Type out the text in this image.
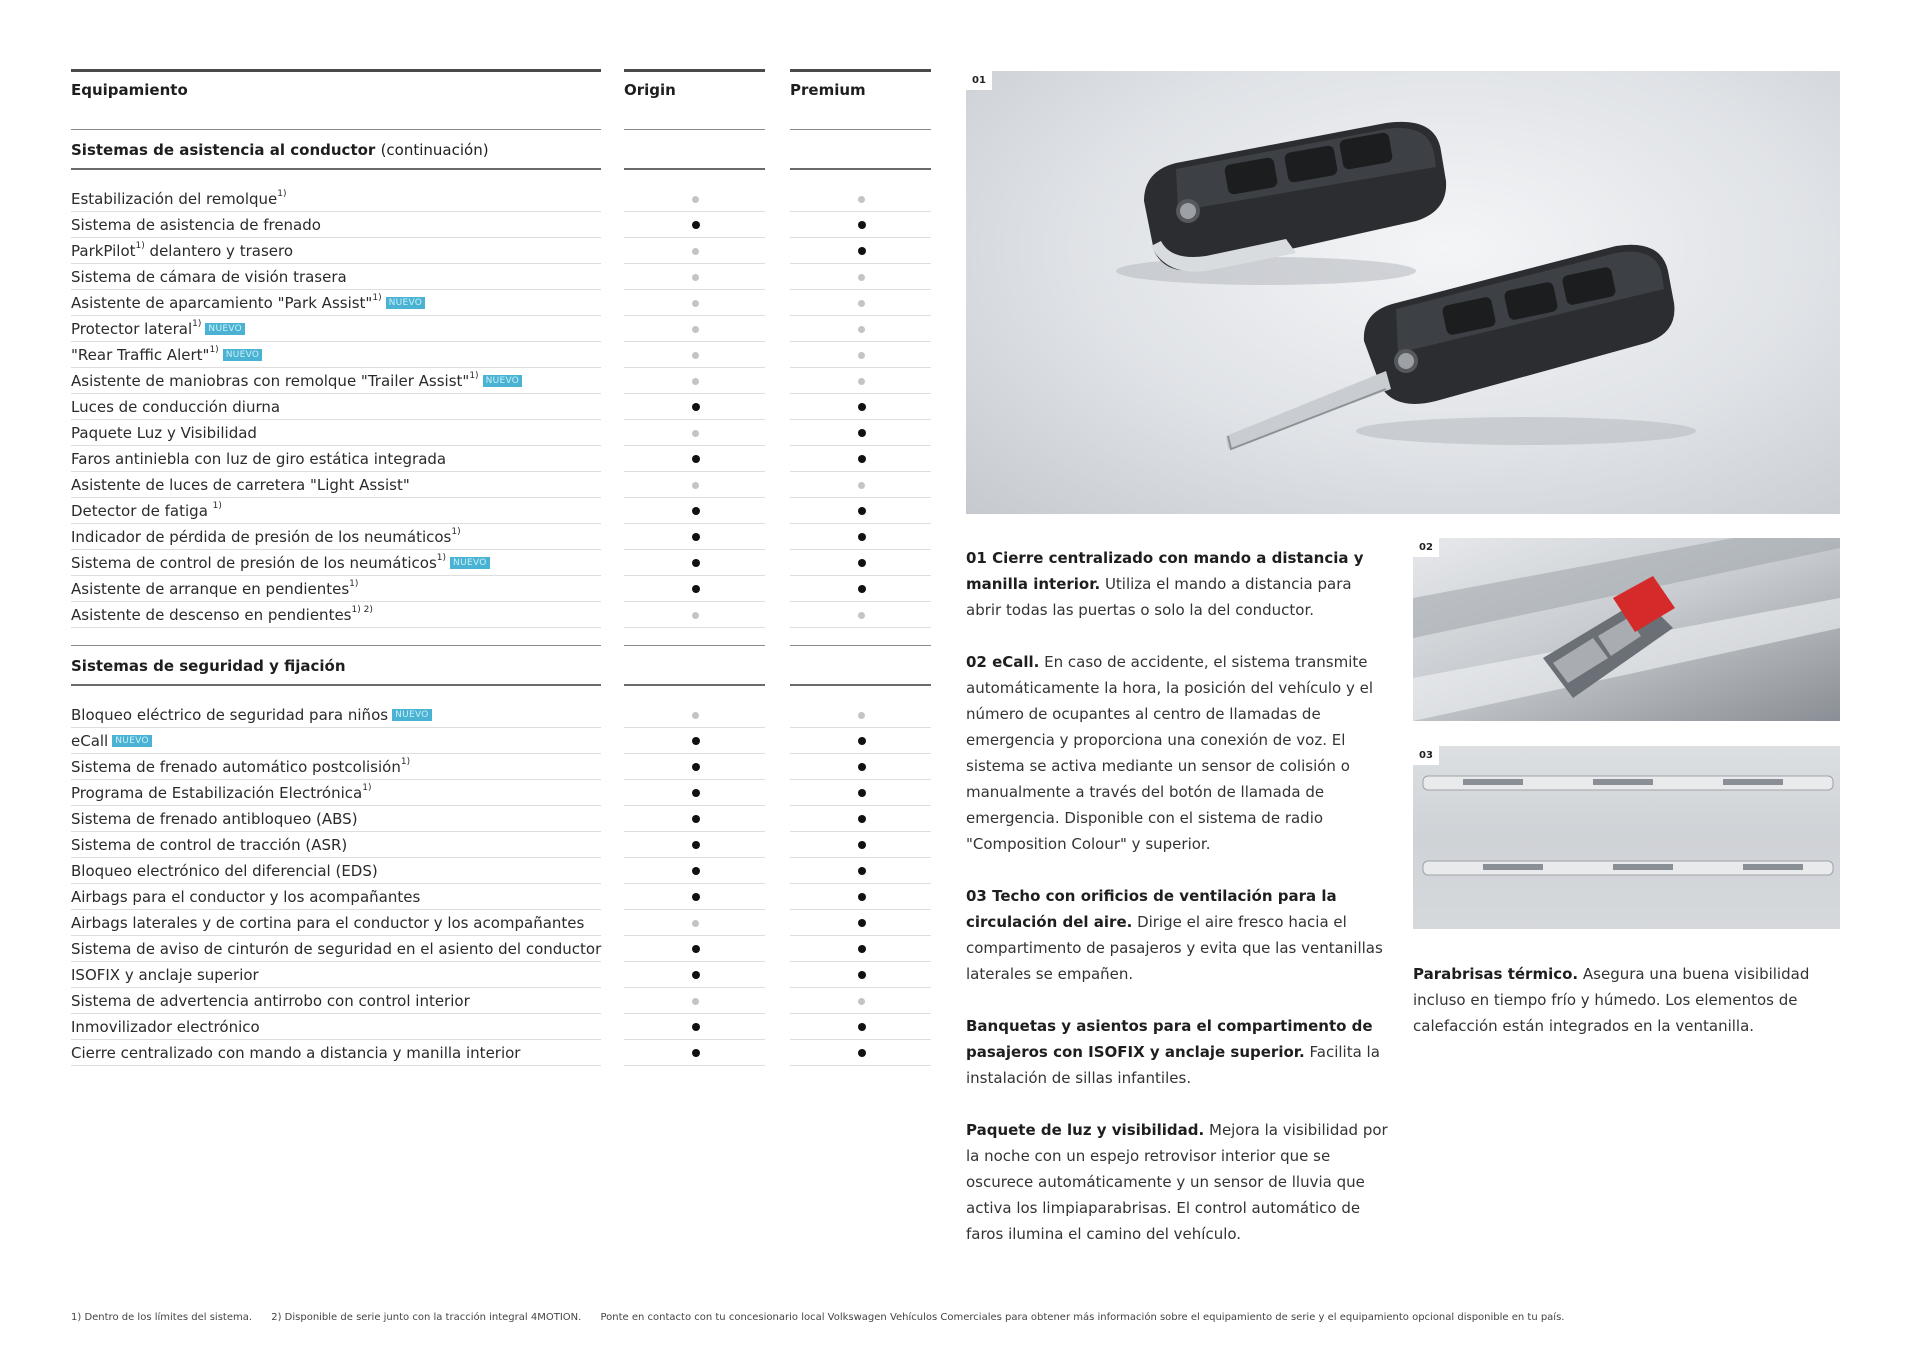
Equipamiento	Origin	Premium
Sistemas de asistencia al conductor (continuación)
Estabilización del remolque$^{1)}$
Sistema de asistencia de frenado
ParkPilot$^{1)}$ delantero y trasero
Sistema de cámara de visión trasera
Asistente de aparcamiento "Park Assist"$^{1)}$ NUEVO
Protector lateral$^{1)}$ NUEVO
"Rear Traffic Alert"$^{1)}$ NUEVO
Asistente de maniobras con remolque "Trailer Assist"$^{1)}$ NUEVO
Luces de conducción diurna
Paquete Luz y Visibilidad
Faros antiniebla con luz de giro estática integrada
Asistente de luces de carretera "Light Assist"
Detector de fatiga $^{1)}$
Indicador de pérdida de presión de los neumáticos$^{1)}$
Sistema de control de presión de los neumáticos$^{1)}$ NUEVO
Asistente de arranque en pendientes$^{1)}$
Asistente de descenso en pendientes$^{1) 2)}$
Sistemas de seguridad y fijación
Bloqueo eléctrico de seguridad para niños NUEVO
eCall NUEVO
Sistema de frenado automático postcolisión$^{1)}$
Programa de Estabilización Electrónica$^{1)}$
Sistema de frenado antibloqueo (ABS)
Sistema de control de tracción (ASR)
Bloqueo electrónico del diferencial (EDS)
Airbags para el conductor y los acompañantes
Airbags laterales y de cortina para el conductor y los acompañantes
Sistema de aviso de cinturón de seguridad en el asiento del conductor
ISOFIX y anclaje superior
Sistema de advertencia antirrobo con control interior
Inmovilizador electrónico
Cierre centralizado con mando a distancia y manilla interior
01
02
03
01 Cierre centralizado con mando a distancia y manilla interior. Utiliza el mando a distancia para abrir todas las puertas o solo la del conductor.
02 eCall. En caso de accidente, el sistema transmite automáticamente la hora, la posición del vehículo y el número de ocupantes al centro de llamadas de emergencia y proporciona una conexión de voz. El sistema se activa mediante un sensor de colisión o manualmente a través del botón de llamada de emergencia. Disponible con el sistema de radio "Composition Colour" y superior.
03 Techo con orificios de ventilación para la circulación del aire. Dirige el aire fresco hacia el compartimento de pasajeros y evita que las ventanillas laterales se empañen.
Banquetas y asientos para el compartimento de pasajeros con ISOFIX y anclaje superior. Facilita la instalación de sillas infantiles.
Paquete de luz y visibilidad. Mejora la visibilidad por la noche con un espejo retrovisor interior que se oscurece automáticamente y un sensor de lluvia que activa los limpiaparabrisas. El control automático de faros ilumina el camino del vehículo.
Parabrisas térmico. Asegura una buena visibilidad incluso en tiempo frío y húmedo. Los elementos de calefacción están integrados en la ventanilla.
1) Dentro de los límites del sistema. 2) Disponible de serie junto con la tracción integral 4MOTION. Ponte en contacto con tu concesionario local Volkswagen Vehículos Comerciales para obtener más información sobre el equipamiento de serie y el equipamiento opcional disponible en tu país.
